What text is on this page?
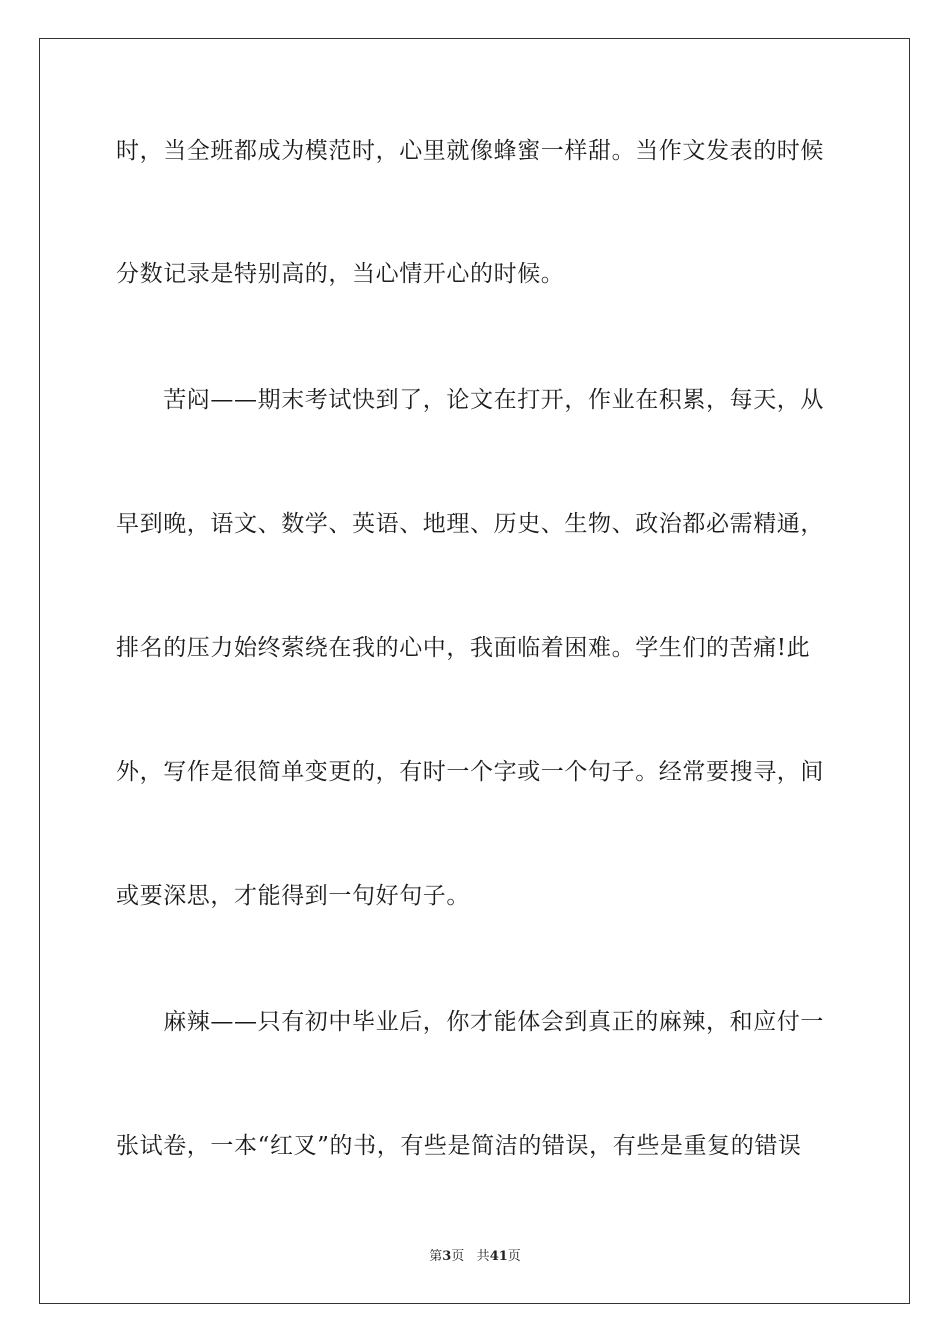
时，当全班都成为模范时，心里就像蜂蜜一样甜。当作文发表的时候
分数记录是特别高的，当心情开心的时候。
　　苦闷——期末考试快到了，论文在打开，作业在积累，每天，从
早到晚，语文、数学、英语、地理、历史、生物、政治都必需精通，
排名的压力始终萦绕在我的心中，我面临着困难。学生们的苦痛!此
外，写作是很简单变更的，有时一个字或一个句子。经常要搜寻，间
或要深思，才能得到一句好句子。
　　麻辣——只有初中毕业后，你才能体会到真正的麻辣，和应付一
张试卷，一本“红叉”的书，有些是简洁的错误，有些是重复的错误
第3页 共41页
